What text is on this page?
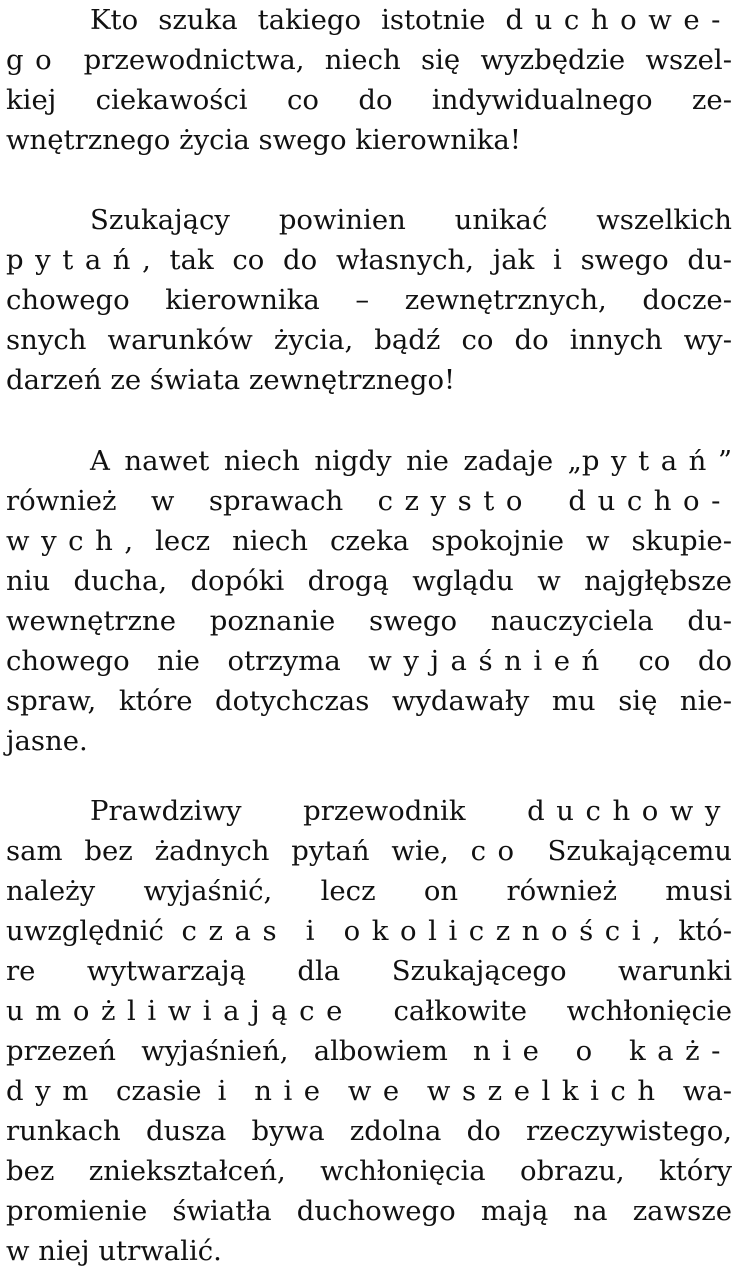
Kto szuka takiego istotnie duchowe-
go przewodnictwa, niech się wyzbędzie wszel-
kiej ciekawości co do indywidualnego ze-
wnętrznego życia swego kierownika!
Szukający powinien unikać wszelkich
pytań, tak co do własnych, jak i swego du-
chowego kierownika – zewnętrznych, docze-
snych warunków życia, bądź co do innych wy-
darzeń ze świata zewnętrznego!
A nawet niech nigdy nie zadaje „pytań”
również w sprawach czysto ducho-
wych, lecz niech czeka spokojnie w skupie-
niu ducha, dopóki drogą wglądu w najgłębsze
wewnętrzne poznanie swego nauczyciela du-
chowego nie otrzyma wyjaśnień co do
spraw, które dotychczas wydawały mu się nie-
jasne.
Prawdziwy przewodnik duchowy
sam bez żadnych pytań wie, co Szukającemu
należy wyjaśnić, lecz on również musi
uwzględnić czas i okoliczności, któ-
re wytwarzają dla Szukającego warunki
umożliwiające całkowite wchłonięcie
przezeń wyjaśnień, albowiem nie o każ-
dym czasie i nie we wszelkich wa-
runkach dusza bywa zdolna do rzeczywistego,
bez zniekształceń, wchłonięcia obrazu, który
promienie światła duchowego mają na zawsze
w niej utrwalić.
